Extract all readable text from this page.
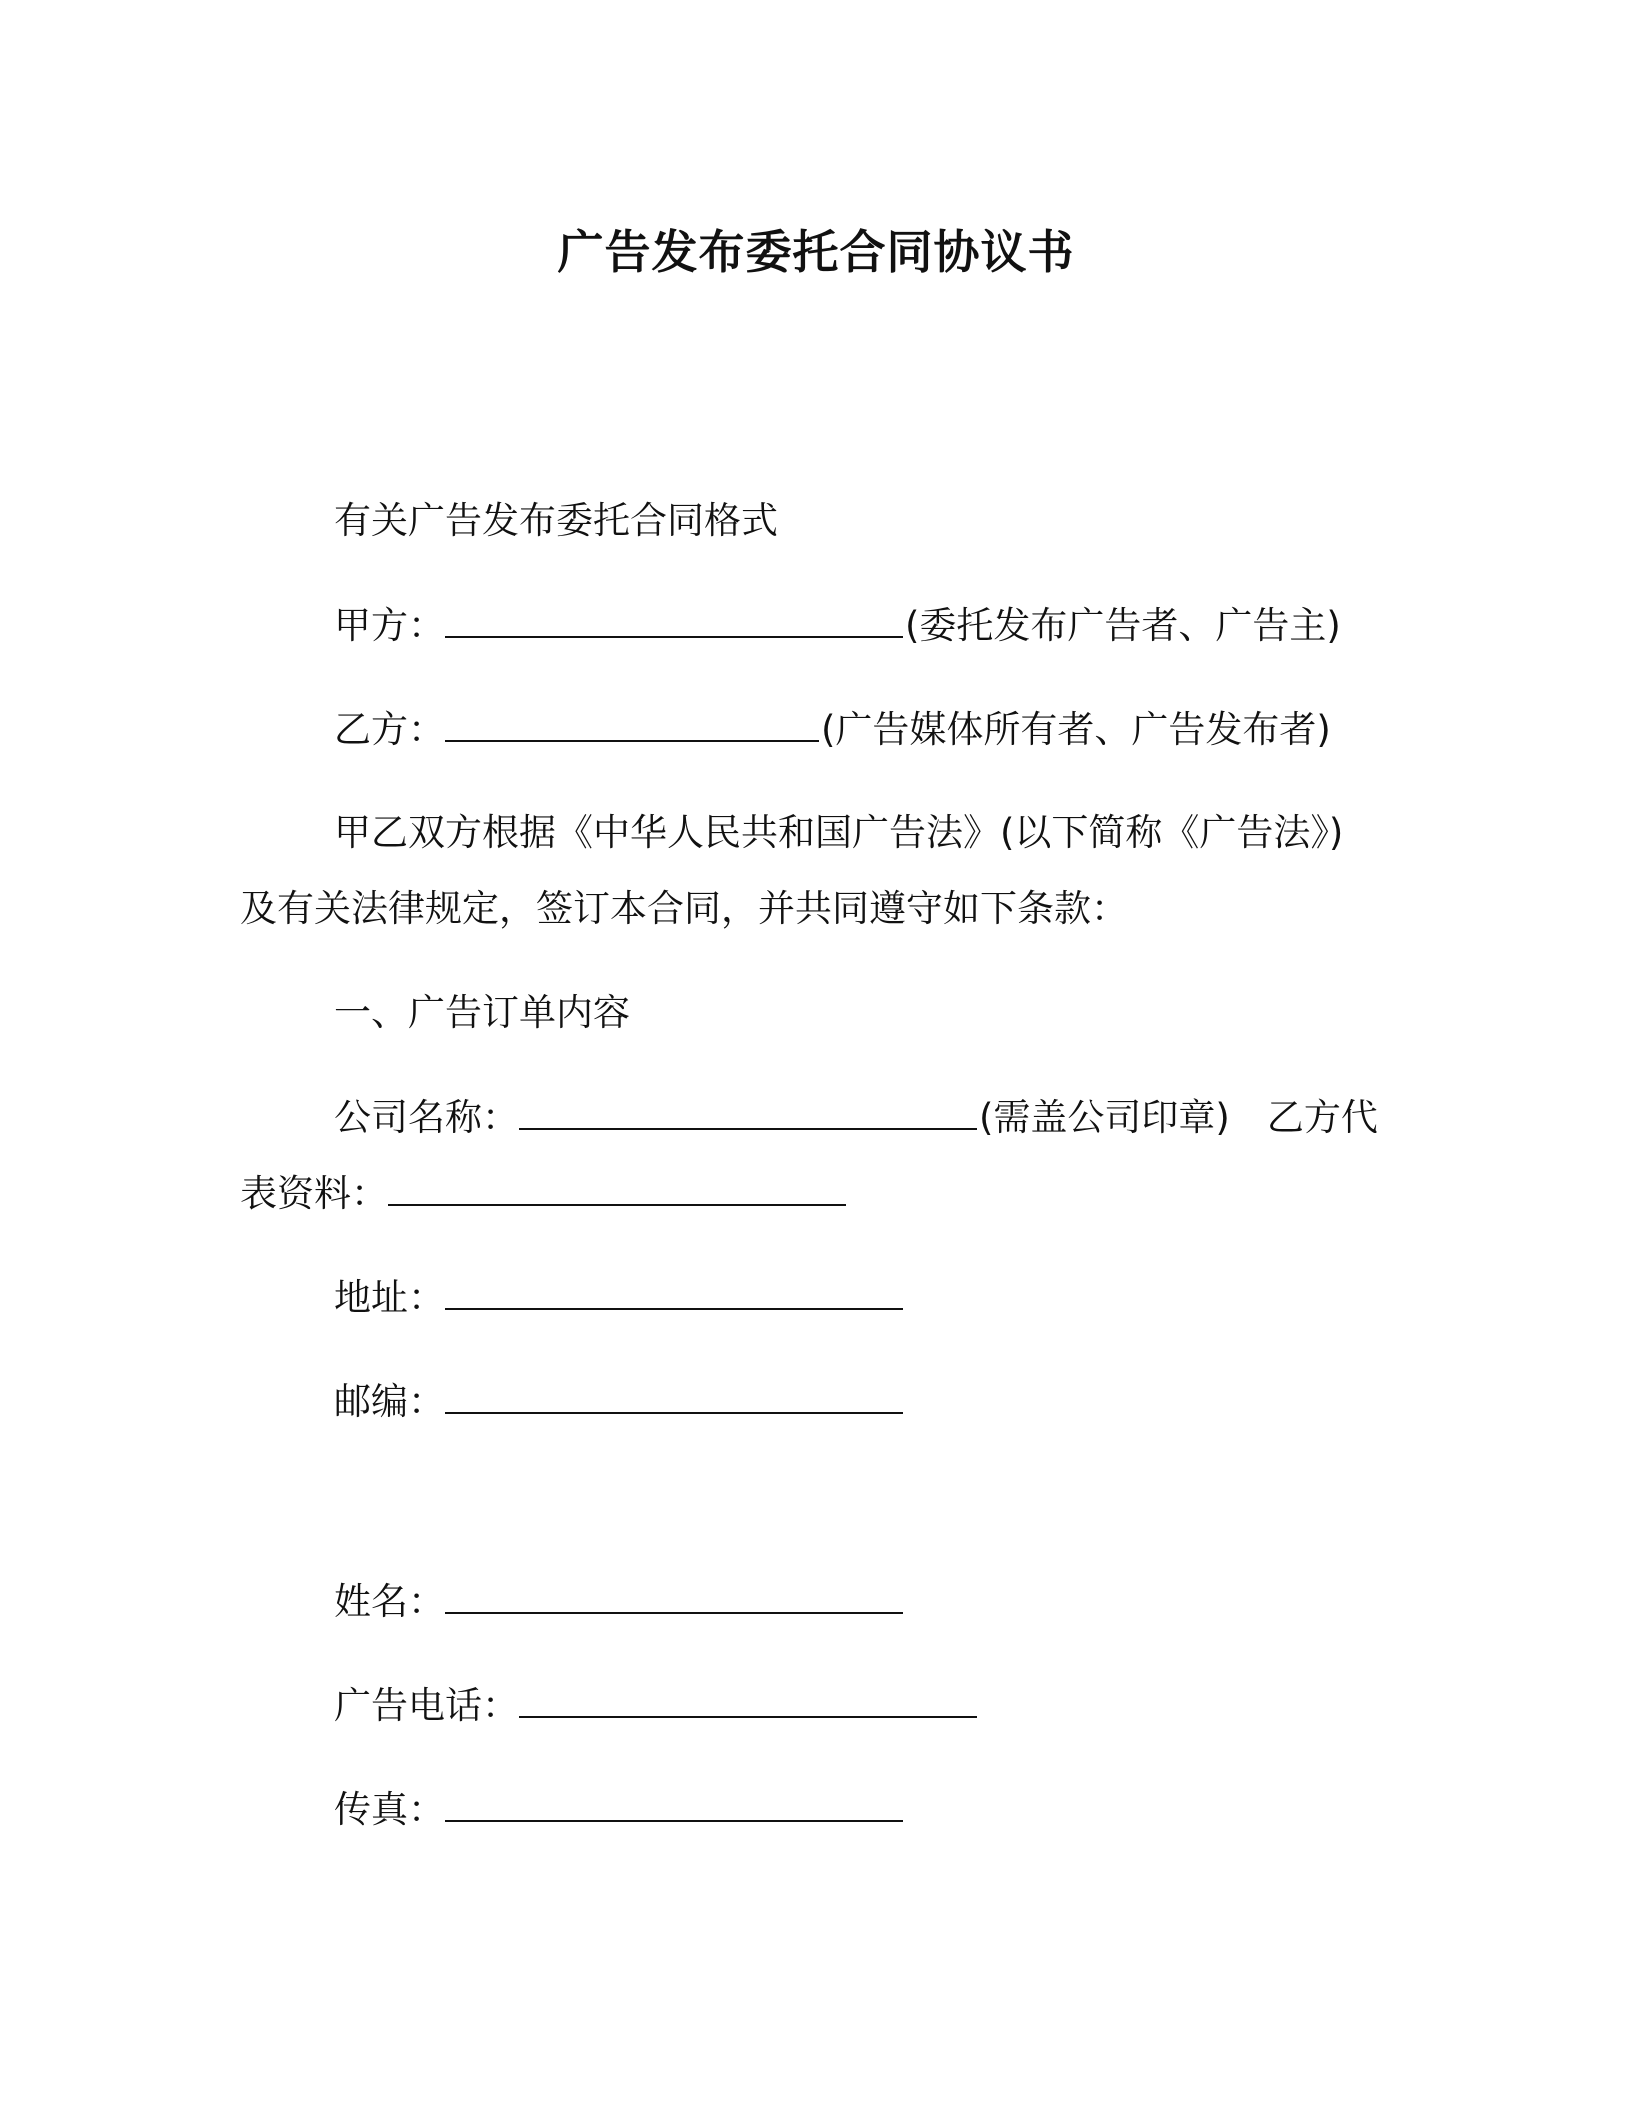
广告发布委托合同协议书
有关广告发布委托合同格式
甲方：	(委托发布广告者、广告主)
乙方：	(广告媒体所有者、广告发布者)
甲乙双方根据《中华人民共和国广告法》(以下简称《广告法》)
及有关法律规定，签订本合同，并共同遵守如下条款：
一、广告订单内容
公司名称：	(需盖公司印章)　乙方代
表资料：
地址：
邮编：
姓名：
广告电话：
传真：
